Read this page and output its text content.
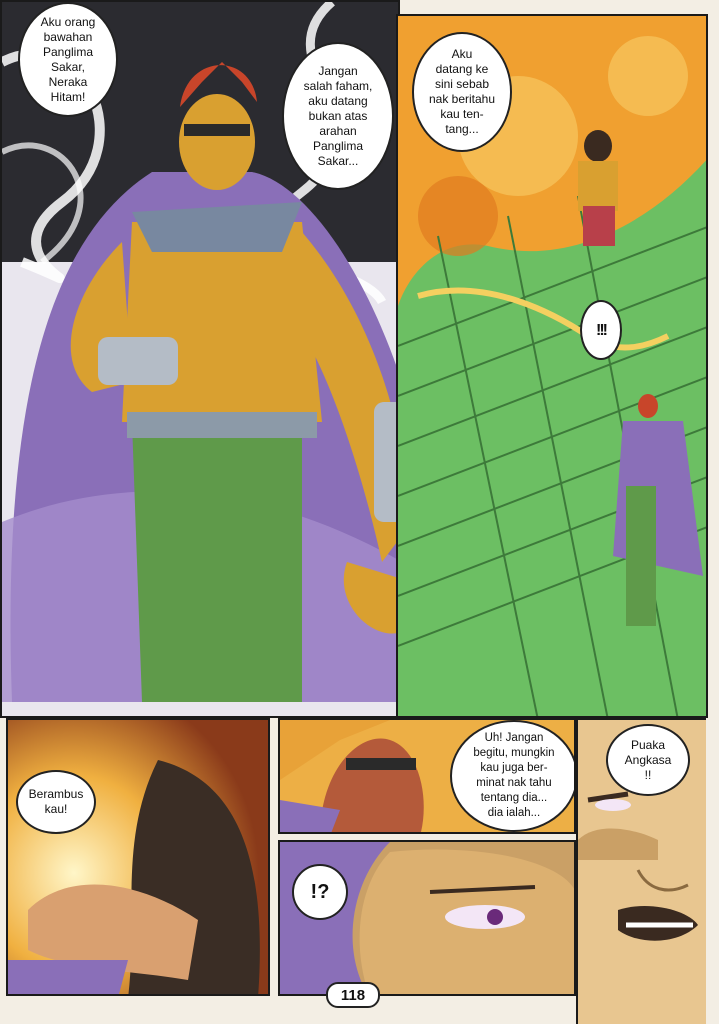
Aku orang
bawahan
Panglima
Sakar,
Neraka
Hitam!
Jangan
salah faham,
aku datang
bukan atas
arahan
Panglima
Sakar...
Aku
datang ke
sini sebab
nak beritahu
kau ten-
tang...
!!!
Berambus
kau!
Uh! Jangan
begitu, mungkin
kau juga ber-
minat nak tahu
tentang dia...
dia ialah...
!?
Puaka
Angkasa
!!
118
